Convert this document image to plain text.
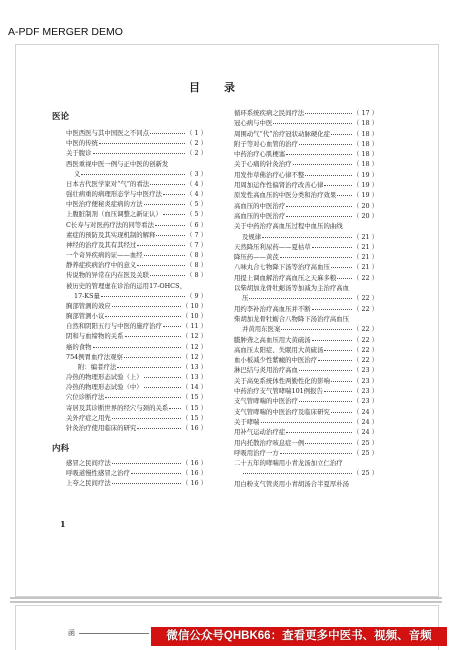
A-PDF MERGER DEMO
目录
医论
中医西医与其中国医之不同点	（ 1 ）
中医的传统	（ 2 ）
关于腹诊	（ 2 ）
西医重视中医一例与正中医的创新发
义	（ 3 ）
日本古代医学家对“气”的看法	（ 4 ）
强壮病重的病理形态学与中医疗法	（ 4 ）
中医治疗便秘炎症病的方法	（ 5 ）
上腹脏制剂（血压调整之新证认）	（ 5 ）
C长寿与对医药疗法的同等看法	（ 6 ）
素症的预防及其实现机制的解释	（ 7 ）
神经的治疗及其有其经过	（ 7 ）
一个奇异疾病的证——血经	（ 8 ）
静养症疾病治疗中的意义	（ 8 ）
传说物的异常在内在医及关联	（ 8 ）
被历史的管理虚在诊治的运用17-OHCS、
17-KS量	（ 9 ）
胸部管测的效应	（ 10 ）
胸部管测小议	（ 10 ）
自然和阴阳五行与中医的施疗治疗	（ 11 ）
阴和与血缔物的关系	（ 12 ）
癌的食物	（ 12 ）
754例胃血疗法观察	（ 12 ）
附：编者疗法	（ 13 ）
冷热的物理形态试验（上）	（ 13 ）
冷热的物理形态试验（中）	（ 14 ）
穴位诊断疗法	（ 15 ）
寄居及其诊断世界的经穴与颈的关系 （ 15 ）
关外疗症之用先	（ 15 ）
针灸治疗使用临床的研究	（ 16 ）
内科
感冒之民间疗法	（ 16 ）
呼吸道慢性感冒之治疗	（ 16 ）
上夸之民间疗法	（ 16 ）
循环系统疾病之民间疗法	（ 17 ）
冠心病与中医	（ 18 ）
周围动气“代”治疗冠状动脉硬化症	（ 18 ）
附子等对心血管的治疗	（ 18 ）
中药治疗心肌梗塞	（ 18 ）
关于心痛的针灸治疗	（ 18 ）
用发作草佛治疗心律不整	（ 19 ）
用周加运作性偏肾治疗改善心律	（ 19 ）
原发性高血压的中医分类和治疗效果	（ 19 ）
高血压的中医治疗	（ 20 ）
高血压的中医治疗	（ 20 ）
关于中药治疗高血压过程中血压的曲线
及规律	（ 21 ）
天然降压利尿药——夏枯草	（ 21 ）
降压药——黄芪	（ 21 ）
八味丸合七物降下汤等治疗高血压	（ 21 ）
用提上调血解治疗高血压之天麻多粮	（ 22 ）
以柴胡加龙骨牡蛎汤等加减为主治疗高血
压	（ 22 ）
用约李补治疗高血压并不断	（ 22 ）
柴胡加龙骨牡蛎合八物降下汤治疗高血压
并黄用东医案	（ 22 ）
臌肿聋之高血压用大黄硫汤	（ 22 ）
高血压太阳症、失眠用大黄硫汤	（ 22 ）
血小板减少性紫癜的中医治疗	（ 22 ）
淋巴结与炎用治疗高血	（ 23 ）
关于高免系统体性两勤性化的影响	（ 23 ）
中药治疗支气管哮喘101例报告	（ 23 ）
支气管哮喘的中医治疗	（ 23 ）
支气管哮喘的中医治疗及临床研究	（ 24 ）
关于哮喘	（ 24 ）
用补气运动治疗症	（ 24 ）
用内托散治疗咳息症一例	（ 25 ）
呼吸用治疗一方	（ 25 ）
二十五年的哮喘用小青龙汤加立仁治疗
（ 25 ）
用白粉支气管炎用小青胡汤合半夏厚朴汤
1
函	微信公众号QHBK66：查看更多中医书、视频、音频
